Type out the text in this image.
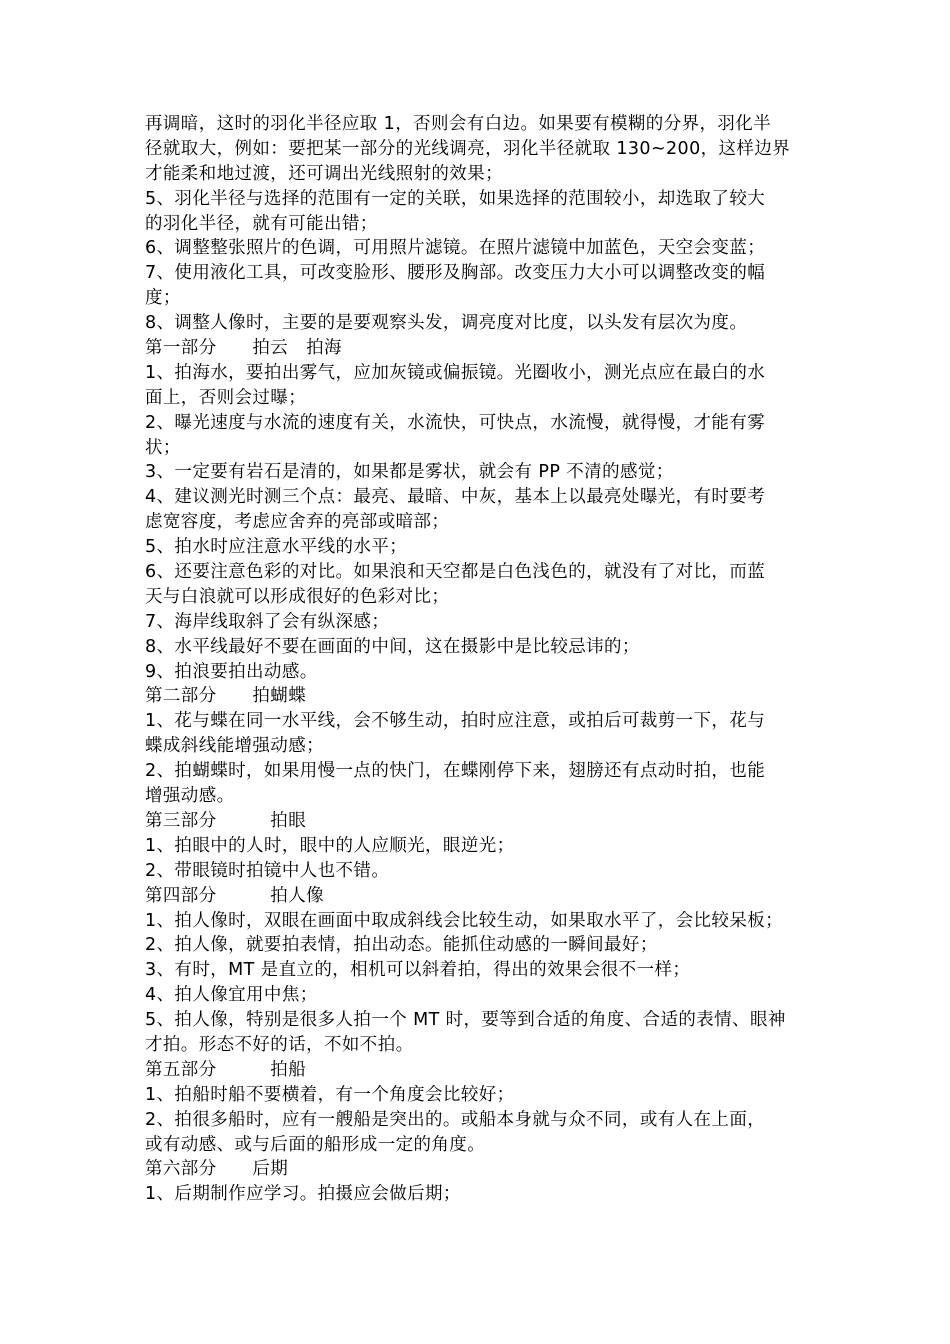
再调暗，这时的羽化半径应取 1，否则会有白边。如果要有模糊的分界，羽化半
径就取大，例如：要把某一部分的光线调亮，羽化半径就取 130~200，这样边界
才能柔和地过渡，还可调出光线照射的效果；
5、羽化半径与选择的范围有一定的关联，如果选择的范围较小，却选取了较大
的羽化半径，就有可能出错；
6、调整整张照片的色调，可用照片滤镜。在照片滤镜中加蓝色，天空会变蓝；
7、使用液化工具，可改变脸形、腰形及胸部。改变压力大小可以调整改变的幅
度；
8、调整人像时，主要的是要观察头发，调亮度对比度，以头发有层次为度。
第一部分　　拍云　拍海
1、拍海水，要拍出雾气，应加灰镜或偏振镜。光圈收小，测光点应在最白的水
面上，否则会过曝；
2、曝光速度与水流的速度有关，水流快，可快点，水流慢，就得慢，才能有雾
状；
3、一定要有岩石是清的，如果都是雾状，就会有 PP 不清的感觉；
4、建议测光时测三个点：最亮、最暗、中灰，基本上以最亮处曝光，有时要考
虑宽容度，考虑应舍弃的亮部或暗部；
5、拍水时应注意水平线的水平；
6、还要注意色彩的对比。如果浪和天空都是白色浅色的，就没有了对比，而蓝
天与白浪就可以形成很好的色彩对比；
7、海岸线取斜了会有纵深感；
8、水平线最好不要在画面的中间，这在摄影中是比较忌讳的；
9、拍浪要拍出动感。
第二部分　　拍蝴蝶
1、花与蝶在同一水平线，会不够生动，拍时应注意，或拍后可裁剪一下，花与
蝶成斜线能增强动感；
2、拍蝴蝶时，如果用慢一点的快门，在蝶刚停下来，翅膀还有点动时拍，也能
增强动感。
第三部分　　　拍眼
1、拍眼中的人时，眼中的人应顺光，眼逆光；
2、带眼镜时拍镜中人也不错。
第四部分　　　拍人像
1、拍人像时，双眼在画面中取成斜线会比较生动，如果取水平了，会比较呆板；
2、拍人像，就要拍表情，拍出动态。能抓住动感的一瞬间最好；
3、有时，MT 是直立的，相机可以斜着拍，得出的效果会很不一样；
4、拍人像宜用中焦；
5、拍人像，特别是很多人拍一个 MT 时，要等到合适的角度、合适的表情、眼神
才拍。形态不好的话，不如不拍。
第五部分　　　拍船
1、拍船时船不要横着，有一个角度会比较好；
2、拍很多船时，应有一艘船是突出的。或船本身就与众不同，或有人在上面，
或有动感、或与后面的船形成一定的角度。
第六部分　　后期
1、后期制作应学习。拍摄应会做后期；
